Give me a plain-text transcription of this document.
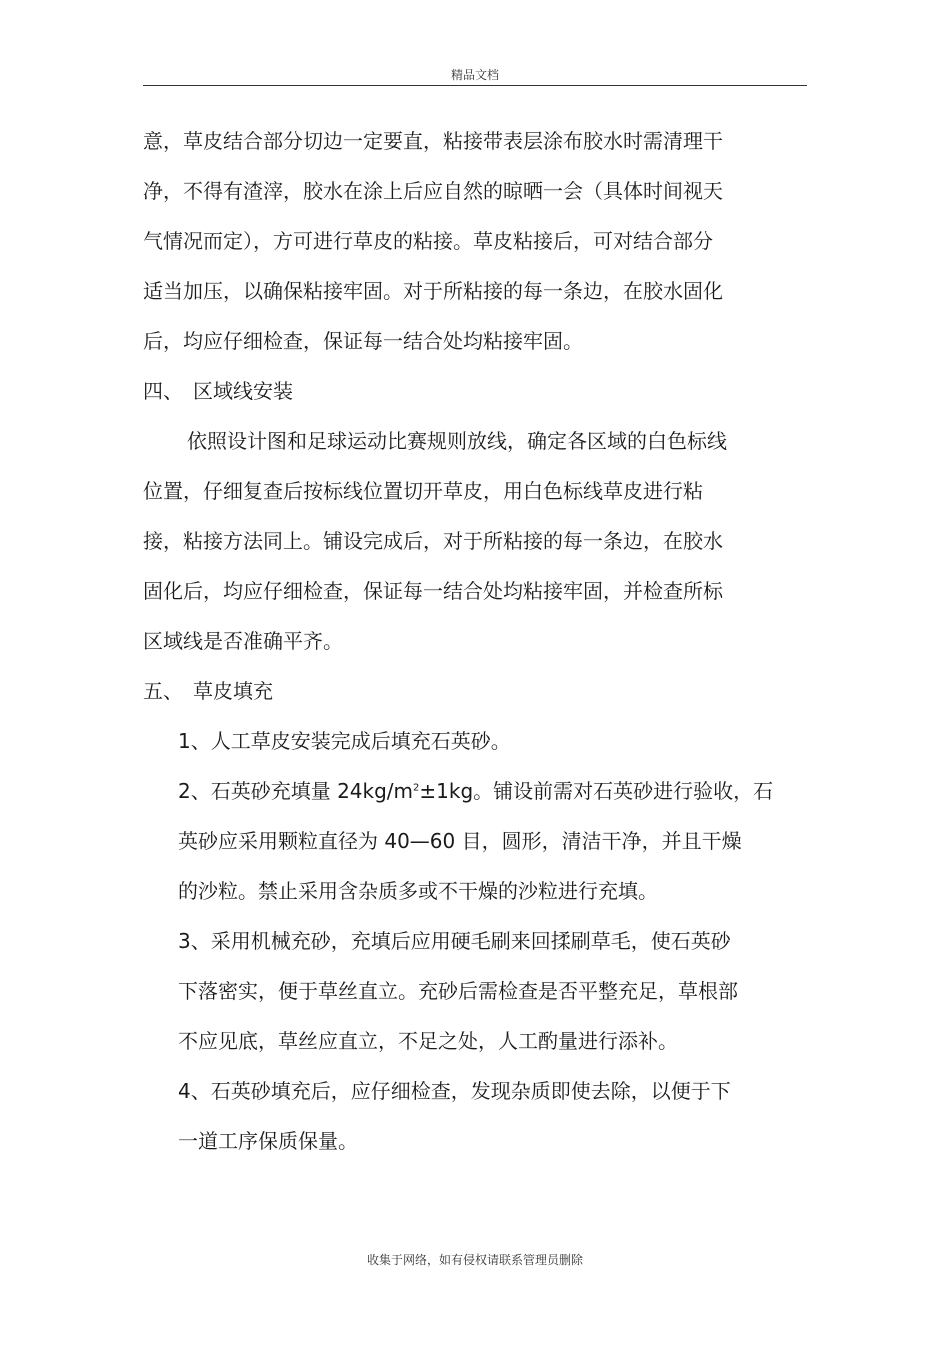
精品文档
意，草皮结合部分切边一定要直，粘接带表层涂布胶水时需清理干
净，不得有渣滓，胶水在涂上后应自然的晾晒一会（具体时间视天
气情况而定），方可进行草皮的粘接。草皮粘接后，可对结合部分
适当加压，以确保粘接牢固。对于所粘接的每一条边，在胶水固化
后，均应仔细检查，保证每一结合处均粘接牢固。
四、　区域线安装
依照设计图和足球运动比赛规则放线，确定各区域的白色标线
位置，仔细复查后按标线位置切开草皮，用白色标线草皮进行粘
接，粘接方法同上。铺设完成后，对于所粘接的每一条边，在胶水
固化后，均应仔细检查，保证每一结合处均粘接牢固，并检查所标
区域线是否准确平齐。
五、　草皮填充
1、人工草皮安装完成后填充石英砂。
2、石英砂充填量 $24kg/m^2\pm 1kg$。铺设前需对石英砂进行验收，石
英砂应采用颗粒直径为 40—60 目，圆形，清洁干净，并且干燥
的沙粒。禁止采用含杂质多或不干燥的沙粒进行充填。
3、采用机械充砂，充填后应用硬毛刷来回揉刷草毛，使石英砂
下落密实，便于草丝直立。充砂后需检查是否平整充足，草根部
不应见底，草丝应直立，不足之处，人工酌量进行添补。
4、石英砂填充后，应仔细检查，发现杂质即使去除，以便于下
一道工序保质保量。
收集于网络，如有侵权请联系管理员删除
